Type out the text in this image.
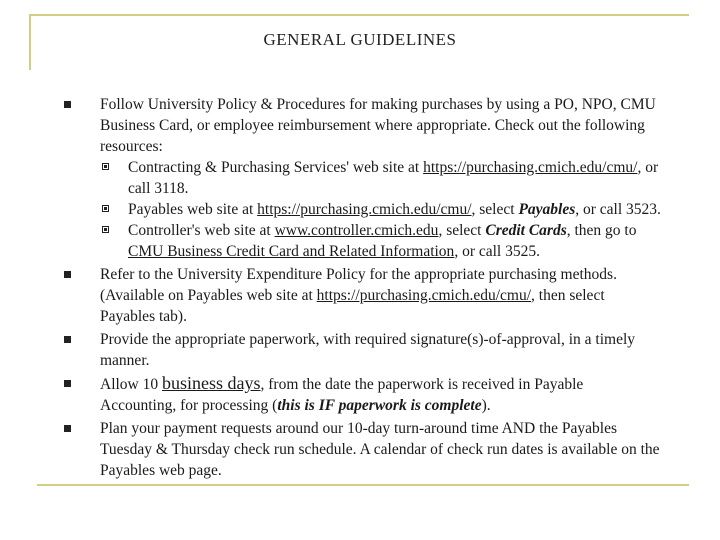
GENERAL GUIDELINES
Follow University Policy & Procedures for making purchases by using a PO, NPO, CMU Business Card, or employee reimbursement where appropriate. Check out the following resources:
Contracting & Purchasing Services' web site at https://purchasing.cmich.edu/cmu/, or call 3118.
Payables web site at https://purchasing.cmich.edu/cmu/, select Payables, or call 3523.
Controller's web site at www.controller.cmich.edu, select Credit Cards, then go to CMU Business Credit Card and Related Information, or call 3525.
Refer to the University Expenditure Policy for the appropriate purchasing methods. (Available on Payables web site at https://purchasing.cmich.edu/cmu/, then select Payables tab).
Provide the appropriate paperwork, with required signature(s)-of-approval, in a timely manner.
Allow 10 business days, from the date the paperwork is received in Payable Accounting, for processing (this is IF paperwork is complete).
Plan your payment requests around our 10-day turn-around time AND the Payables Tuesday & Thursday check run schedule. A calendar of check run dates is available on the Payables web page.
